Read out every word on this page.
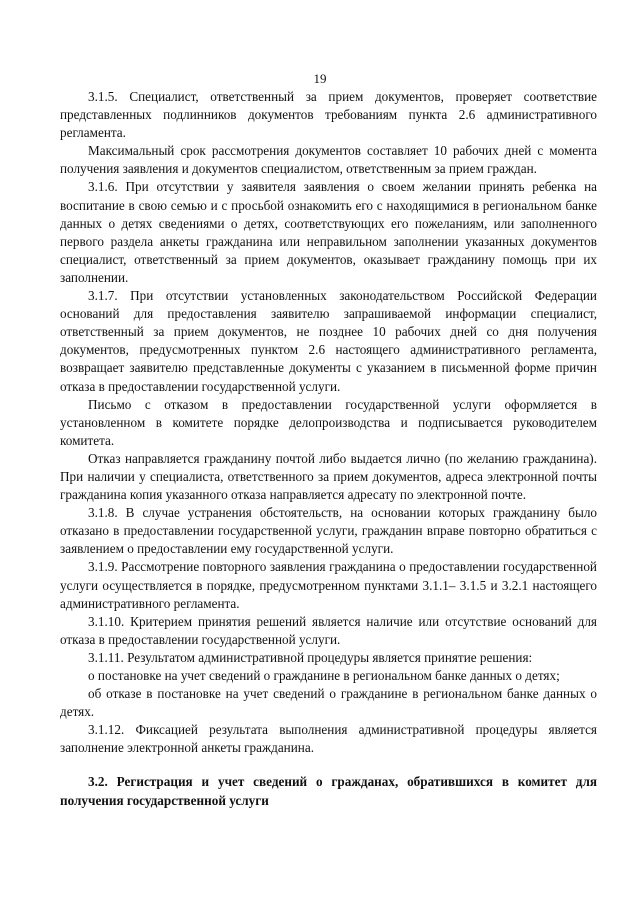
19

3.1.5. Специалист, ответственный за прием документов, проверяет соответствие представленных подлинников документов требованиям пункта 2.6 административного регламента.

Максимальный срок рассмотрения документов составляет 10 рабочих дней с момента получения заявления и документов специалистом, ответственным за прием граждан.

3.1.6. При отсутствии у заявителя заявления о своем желании принять ребенка на воспитание в свою семью и с просьбой ознакомить его с находящимися в региональном банке данных о детях сведениями о детях, соответствующих его пожеланиям, или заполненного первого раздела анкеты гражданина или неправильном заполнении указанных документов специалист, ответственный за прием документов, оказывает гражданину помощь при их заполнении.

3.1.7. При отсутствии установленных законодательством Российской Федерации оснований для предоставления заявителю запрашиваемой информации специалист, ответственный за прием документов, не позднее 10 рабочих дней со дня получения документов, предусмотренных пунктом 2.6 настоящего административного регламента, возвращает заявителю представленные документы с указанием в письменной форме причин отказа в предоставлении государственной услуги.

Письмо с отказом в предоставлении государственной услуги оформляется в установленном в комитете порядке делопроизводства и подписывается руководителем комитета.

Отказ направляется гражданину почтой либо выдается лично (по желанию гражданина). При наличии у специалиста, ответственного за прием документов, адреса электронной почты гражданина копия указанного отказа направляется адресату по электронной почте.

3.1.8. В случае устранения обстоятельств, на основании которых гражданину было отказано в предоставлении государственной услуги, гражданин вправе повторно обратиться с заявлением о предоставлении ему государственной услуги.

3.1.9. Рассмотрение повторного заявления гражданина о предоставлении государственной услуги осуществляется в порядке, предусмотренном пунктами 3.1.1– 3.1.5 и 3.2.1 настоящего административного регламента.

3.1.10. Критерием принятия решений является наличие или отсутствие оснований для отказа в предоставлении государственной услуги.

3.1.11. Результатом административной процедуры является принятие решения:

о постановке на учет сведений о гражданине в региональном банке данных о детях;

об отказе в постановке на учет сведений о гражданине в региональном банке данных о детях.

3.1.12. Фиксацией результата выполнения административной процедуры является заполнение электронной анкеты гражданина.

3.2. Регистрация и учет сведений о гражданах, обратившихся в комитет для получения государственной услуги
